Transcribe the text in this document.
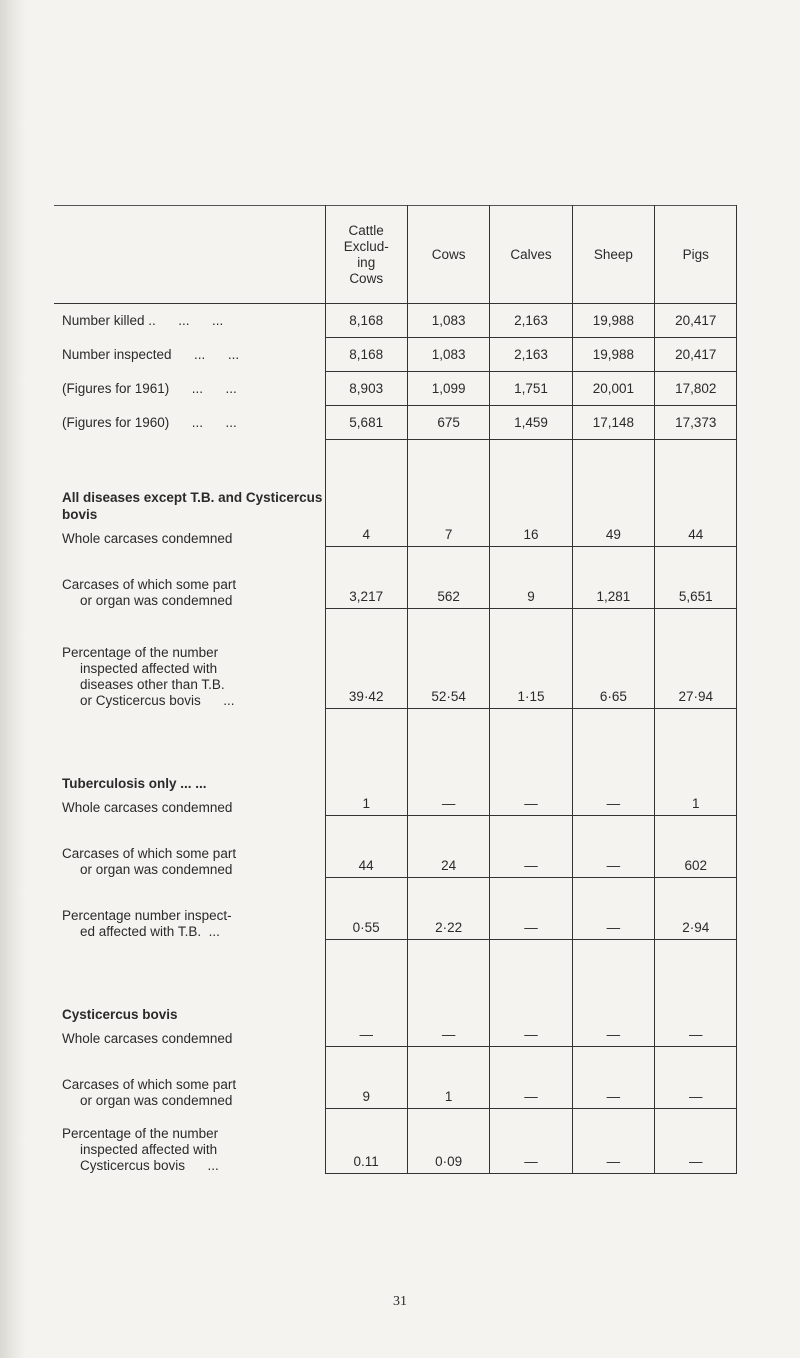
	Cattle
Exclud-
ing
Cows	Cows	Calves	Sheep	Pigs

Number killed ..      ...      ...	8,168	1,083	2,163	19,988	20,417

Number inspected      ...      ...	8,168	1,083	2,163	19,988	20,417

(Figures for 1961)      ...      ...	8,903	1,099	1,751	20,001	17,802

(Figures for 1960)      ...      ...	5,681	675	1,459	17,148	17,373

All diseases except T.B. and Cysticercus bovis
Whole carcases condemned	4	7	16	49	44

Carcases of which some part
or organ was condemned	3,217	562	9	1,281	5,651

Percentage of the number
inspected affected with
diseases other than T.B.
or Cysticercus bovis      ...	39·42	52·54	1·15	6·65	27·94

Tuberculosis only ... ...
Whole carcases condemned	1	—	—	—	1

Carcases of which some part
or organ was condemned	44	24	—	—	602

Percentage number inspect-
ed affected with T.B.  ...	0·55	2·22	—	—	2·94

Cysticercus bovis
Whole carcases condemned	—	—	—	—	—

Carcases of which some part
or organ was condemned	9	1	—	—	—

Percentage of the number
inspected affected with
Cysticercus bovis      ...	0.11	0·09	—	—	—
31
